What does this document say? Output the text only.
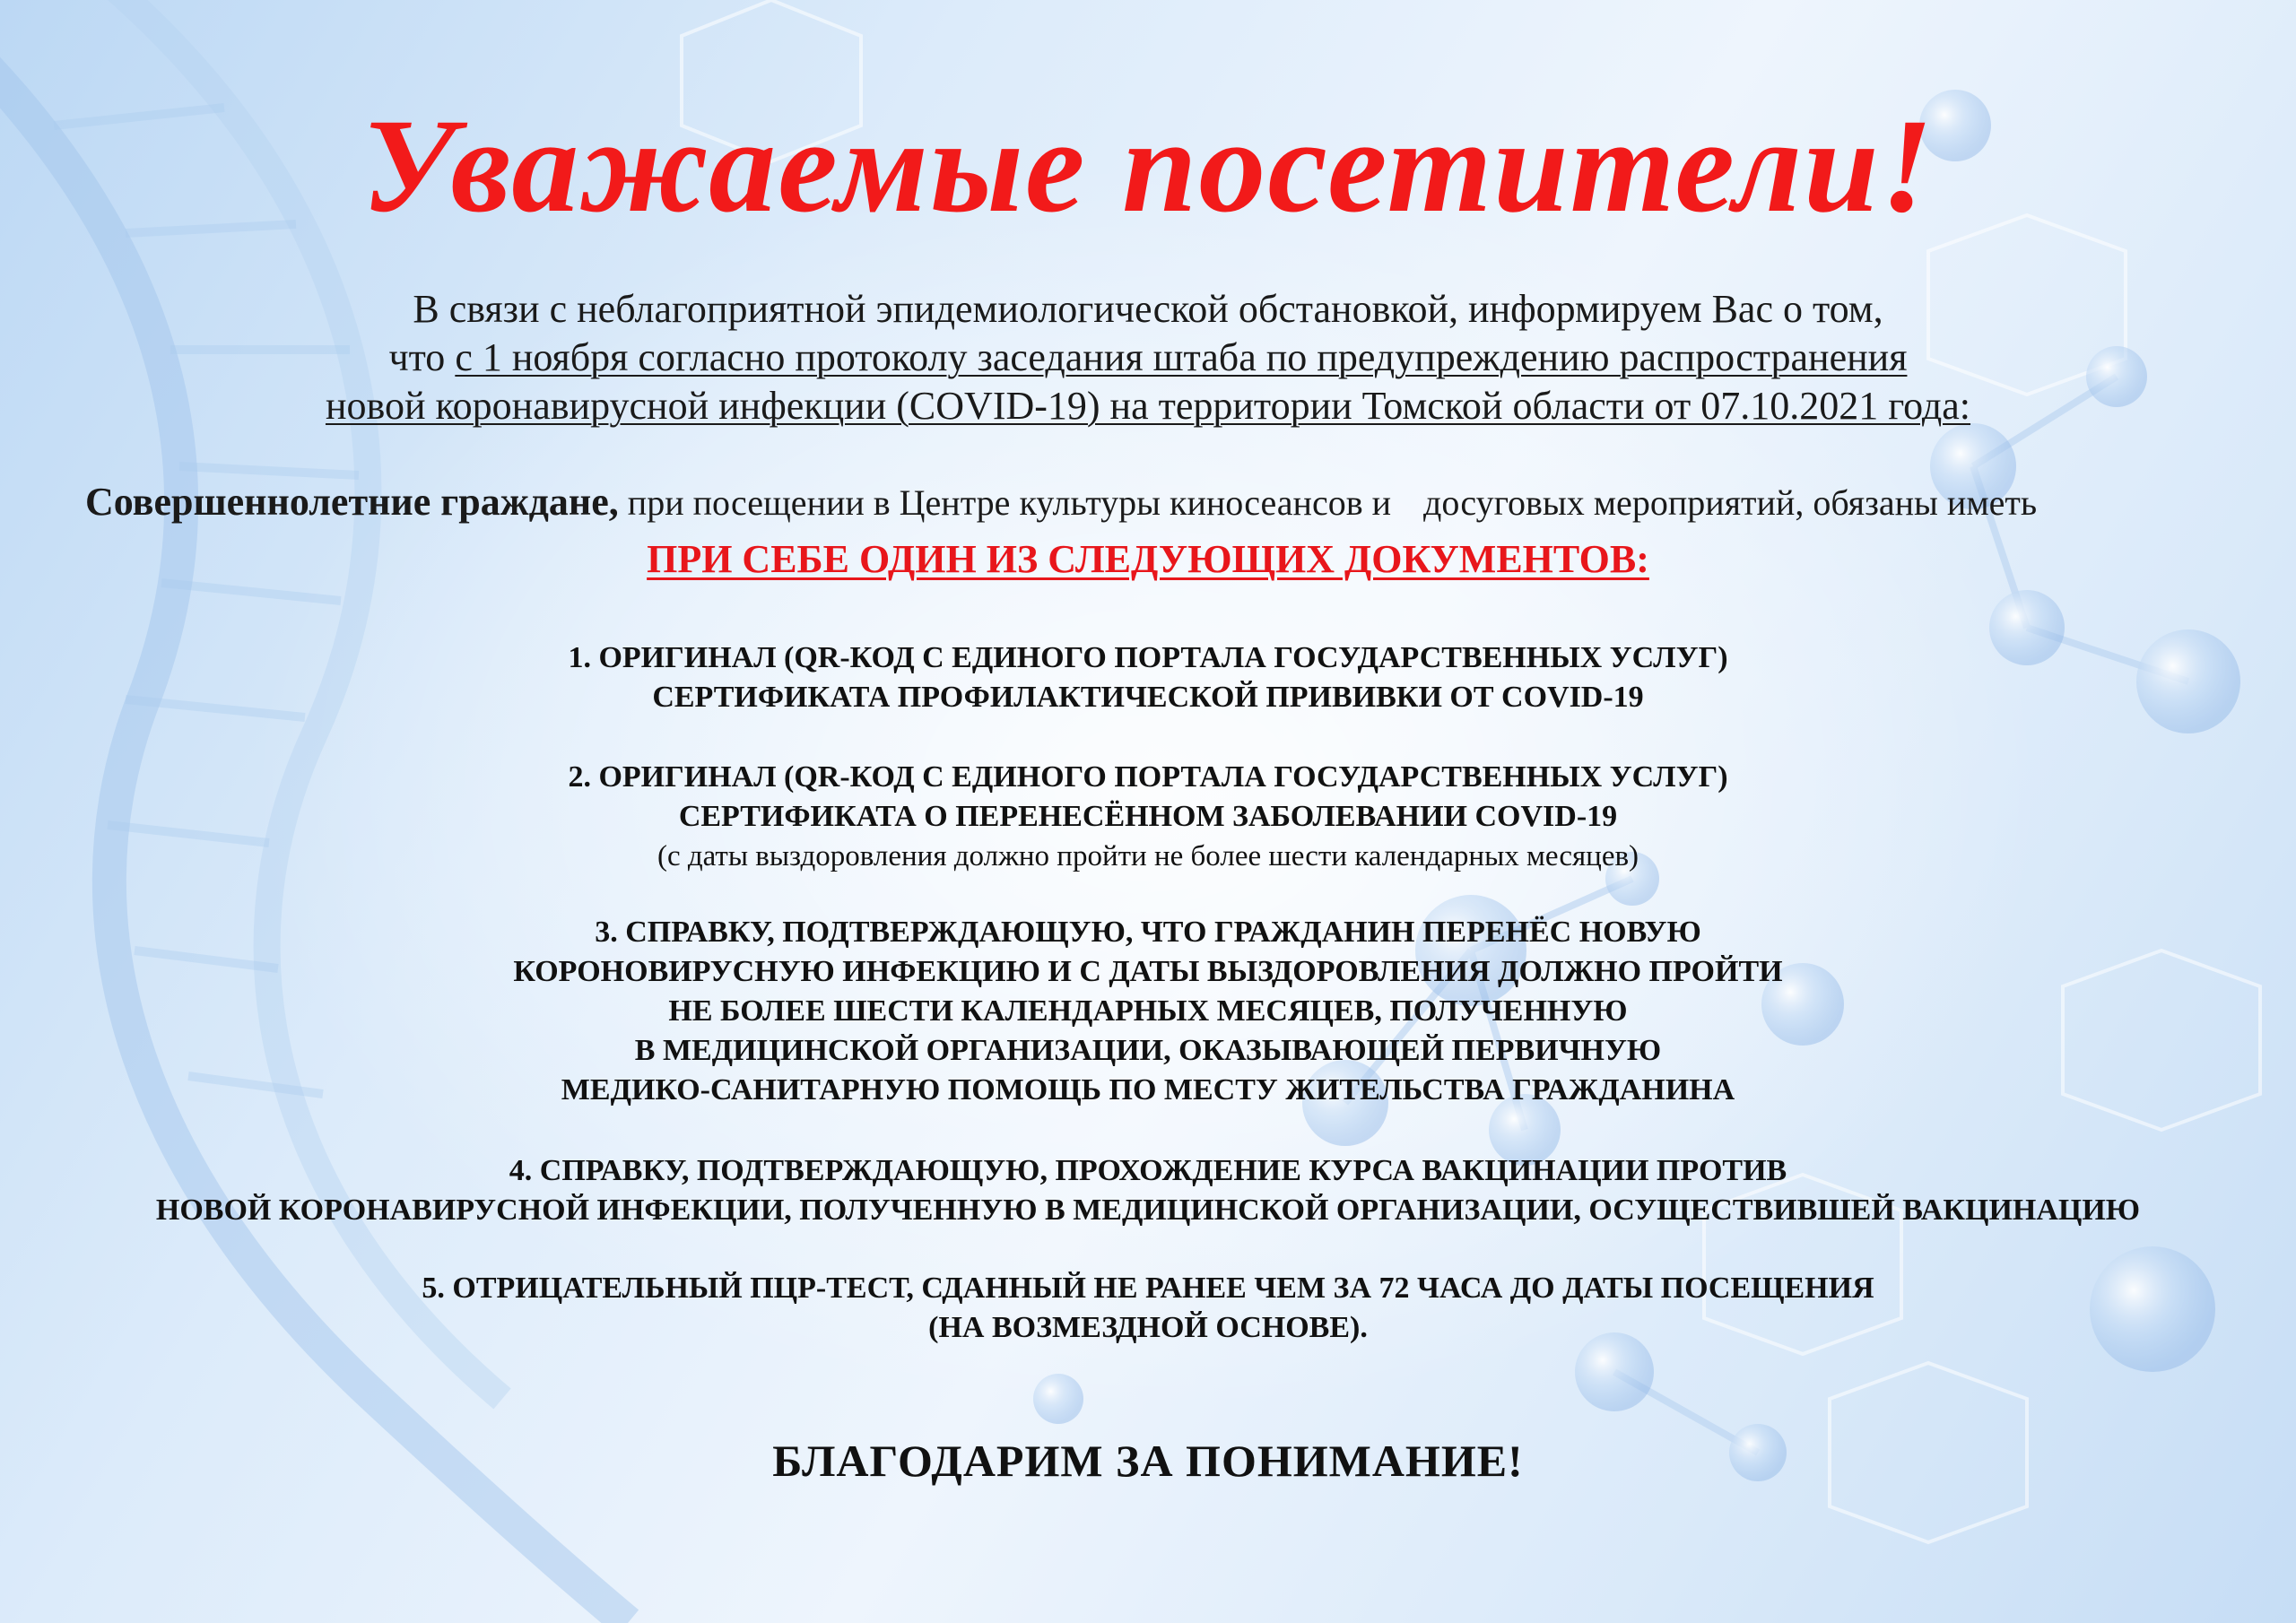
Уважаемые посетители!
В связи с неблагоприятной эпидемиологической обстановкой, информируем Вас о том,
что с 1 ноября согласно протоколу заседания штаба по предупреждению распространения
новой коронавирусной инфекции (COVID-19) на территории Томской области от 07.10.2021 года:
Совершеннолетние граждане, при посещении в Центре культуры киносеансов и досуговых мероприятий, обязаны иметь
ПРИ СЕБЕ ОДИН ИЗ СЛЕДУЮЩИХ ДОКУМЕНТОВ:
1. ОРИГИНАЛ (QR-КОД С ЕДИНОГО ПОРТАЛА ГОСУДАРСТВЕННЫХ УСЛУГ)
СЕРТИФИКАТА ПРОФИЛАКТИЧЕСКОЙ ПРИВИВКИ ОТ COVID-19
2. ОРИГИНАЛ (QR-КОД С ЕДИНОГО ПОРТАЛА ГОСУДАРСТВЕННЫХ УСЛУГ)
СЕРТИФИКАТА О ПЕРЕНЕСЁННОМ ЗАБОЛЕВАНИИ COVID-19
(с даты выздоровления должно пройти не более шести календарных месяцев)
3. СПРАВКУ, ПОДТВЕРЖДАЮЩУЮ, ЧТО ГРАЖДАНИН ПЕРЕНЁС НОВУЮ
КОРОНОВИРУСНУЮ ИНФЕКЦИЮ И С ДАТЫ ВЫЗДОРОВЛЕНИЯ ДОЛЖНО ПРОЙТИ
НЕ БОЛЕЕ ШЕСТИ КАЛЕНДАРНЫХ МЕСЯЦЕВ, ПОЛУЧЕННУЮ
В МЕДИЦИНСКОЙ ОРГАНИЗАЦИИ, ОКАЗЫВАЮЩЕЙ ПЕРВИЧНУЮ
МЕДИКО-САНИТАРНУЮ ПОМОЩЬ ПО МЕСТУ ЖИТЕЛЬСТВА ГРАЖДАНИНА
4. СПРАВКУ, ПОДТВЕРЖДАЮЩУЮ, ПРОХОЖДЕНИЕ КУРСА ВАКЦИНАЦИИ ПРОТИВ
НОВОЙ КОРОНАВИРУСНОЙ ИНФЕКЦИИ, ПОЛУЧЕННУЮ В МЕДИЦИНСКОЙ ОРГАНИЗАЦИИ, ОСУЩЕСТВИВШЕЙ ВАКЦИНАЦИЮ
5. ОТРИЦАТЕЛЬНЫЙ ПЦР-ТЕСТ, СДАННЫЙ НЕ РАНЕЕ ЧЕМ ЗА 72 ЧАСА ДО ДАТЫ ПОСЕЩЕНИЯ
(НА ВОЗМЕЗДНОЙ ОСНОВЕ).
БЛАГОДАРИМ ЗА ПОНИМАНИЕ!
